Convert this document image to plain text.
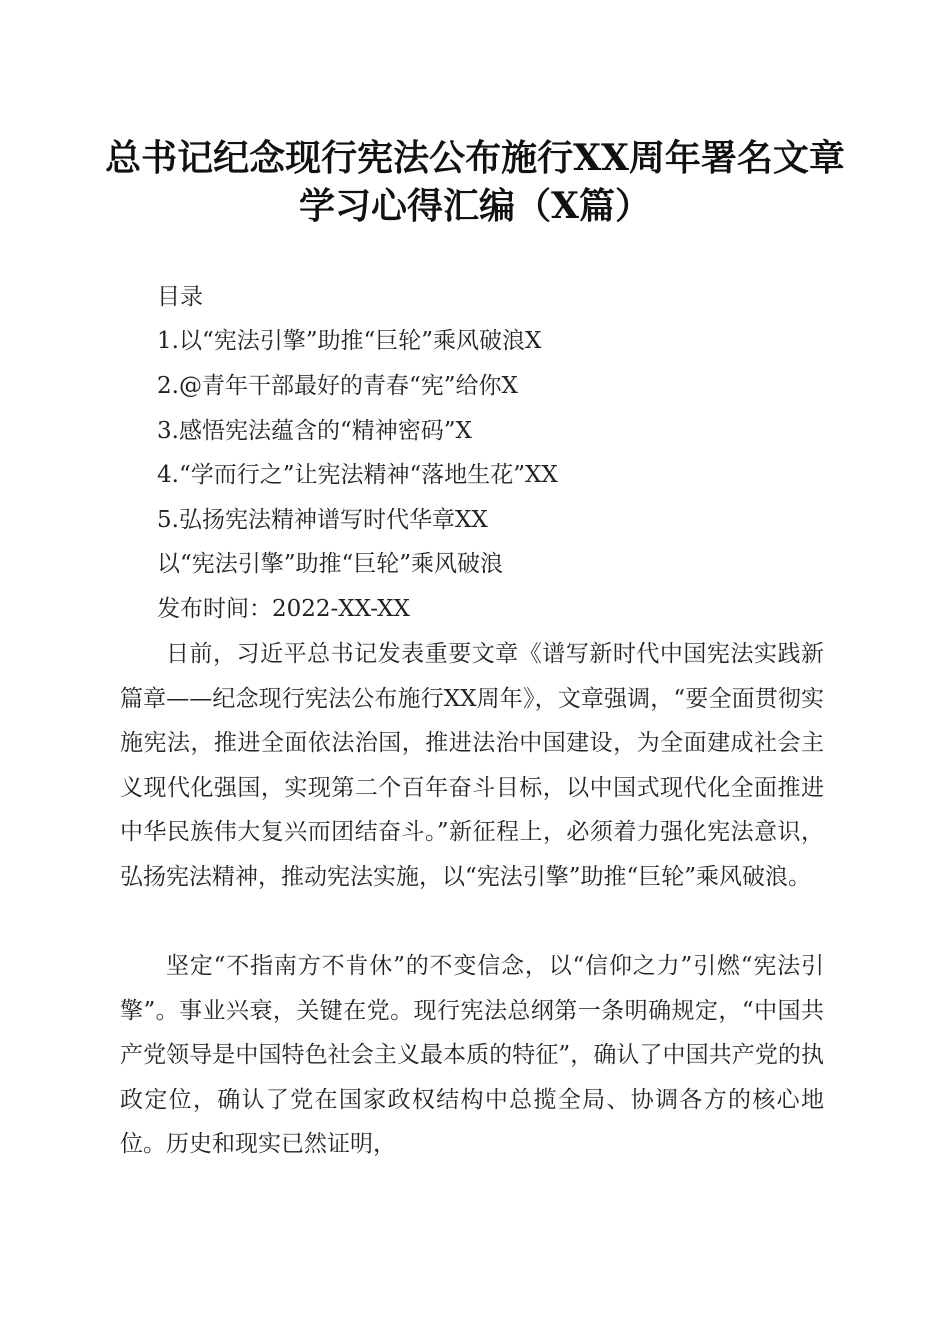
总书记纪念现行宪法公布施行XX周年署名文章学习心得汇编（X篇）

目录

1.以“宪法引擎”助推“巨轮”乘风破浪X

2.@青年干部最好的青春“宪”给你X

3.感悟宪法蕴含的“精神密码”X

4.“学而行之”让宪法精神“落地生花”XX

5.弘扬宪法精神谱写时代华章XX

以“宪法引擎”助推“巨轮”乘风破浪

发布时间：2022-XX-XX

日前，习近平总书记发表重要文章《谱写新时代中国宪法实践新篇章——纪念现行宪法公布施行XX周年》，文章强调，“要全面贯彻实施宪法，推进全面依法治国，推进法治中国建设，为全面建成社会主义现代化强国，实现第二个百年奋斗目标，以中国式现代化全面推进中华民族伟大复兴而团结奋斗。”新征程上，必须着力强化宪法意识，弘扬宪法精神，推动宪法实施，以“宪法引擎”助推“巨轮”乘风破浪。

坚定“不指南方不肯休”的不变信念，以“信仰之力”引燃“宪法引擎”。事业兴衰，关键在党。现行宪法总纲第一条明确规定，“中国共产党领导是中国特色社会主义最本质的特征”，确认了中国共产党的执政定位，确认了党在国家政权结构中总揽全局、协调各方的核心地位。历史和现实已然证明，
